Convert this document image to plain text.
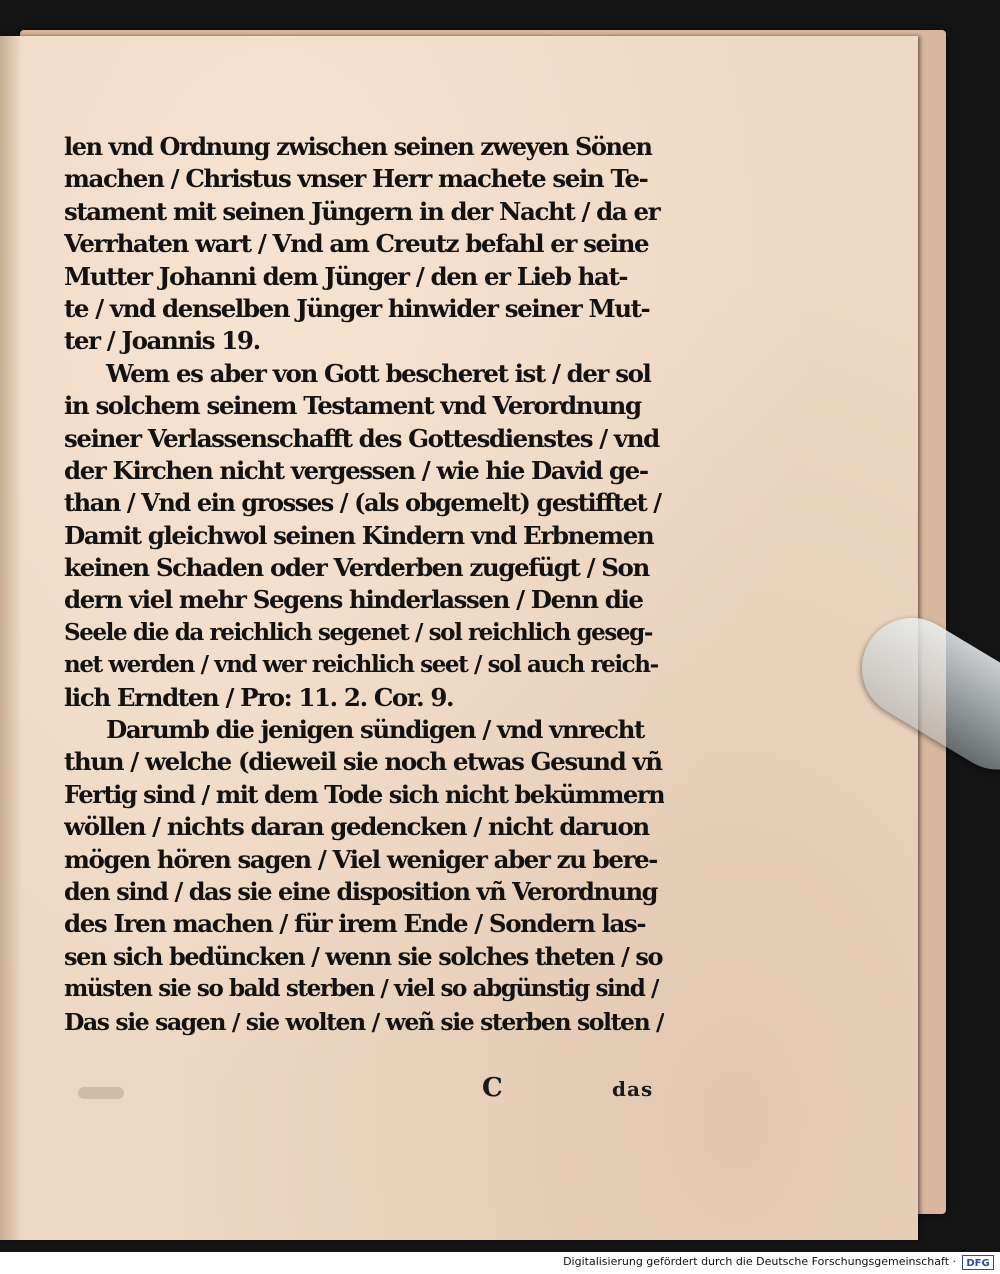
len vnd Ordnung zwischen seinen zweyen Sönen
machen / Christus vnser Herr machete sein Te-
stament mit seinen Jüngern in der Nacht / da er
Verrhaten wart / Vnd am Creutz befahl er seine
Mutter Johanni dem Jünger / den er Lieb hat-
te / vnd denselben Jünger hinwider seiner Mut-
ter / Joannis 19.
Wem es aber von Gott bescheret ist / der sol
in solchem seinem Testament vnd Verordnung
seiner Verlassenschafft des Gottesdienstes / vnd
der Kirchen nicht vergessen / wie hie David ge-
than / Vnd ein grosses / (als obgemelt) gestifftet /
Damit gleichwol seinen Kindern vnd Erbnemen
keinen Schaden oder Verderben zugefügt / Son
dern viel mehr Segens hinderlassen / Denn die
Seele die da reichlich segenet / sol reichlich geseg-
net werden / vnd wer reichlich seet / sol auch reich-
lich Erndten / Pro: 11. 2. Cor. 9.
Darumb die jenigen sündigen / vnd vnrecht
thun / welche (dieweil sie noch etwas Gesund vñ
Fertig sind / mit dem Tode sich nicht bekümmern
wöllen / nichts daran gedencken / nicht daruon
mögen hören sagen / Viel weniger aber zu bere-
den sind / das sie eine disposition vñ Verordnung
des Iren machen / für irem Ende / Sondern las-
sen sich bedüncken / wenn sie solches theten / so
müsten sie so bald sterben / viel so abgünstig sind /
Das sie sagen / sie wolten / weñ sie sterben solten /
C	das
Digitalisierung gefördert durch die Deutsche Forschungsgemeinschaft ·	DFG
